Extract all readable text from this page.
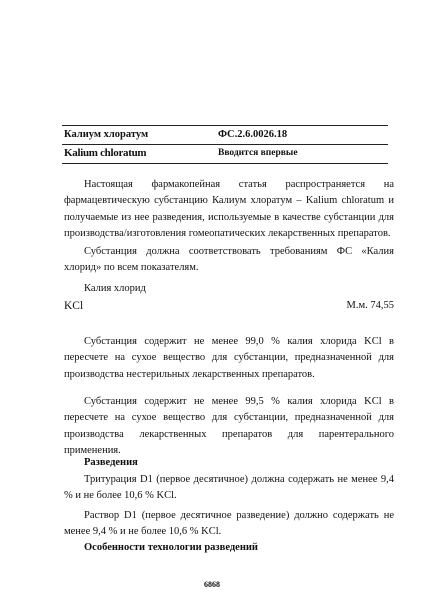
Калиум хлоратум	ФС.2.6.0026.18
Kalium chloratum	Вводится впервые

Настоящая фармакопейная статья распространяется на фармацевтическую субстанцию Калиум хлоратум – Kalium chloratum и получаемые из нее разведения, используемые в качестве субстанции для производства/изготовления гомеопатических лекарственных препаратов.

Субстанция должна соответствовать требованиям ФС «Калия хлорид» по всем показателям.

Калия хлорид
KCl	М.м. 74,55

Субстанция содержит не менее 99,0 % калия хлорида KCl в пересчете на сухое вещество для субстанции, предназначенной для производства нестерильных лекарственных препаратов.

Субстанция содержит не менее 99,5 % калия хлорида KCl в пересчете на сухое вещество для субстанции, предназначенной для производства лекарственных препаратов для парентерального применения.

Разведения

Тритурация D1 (первое десятичное) должна содержать не менее 9,4 % и не более 10,6 % KCl.

Раствор D1 (первое десятичное разведение) должно содержать не менее 9,4 % и не более 10,6 % KCl.

Особенности технологии разведений
6868
